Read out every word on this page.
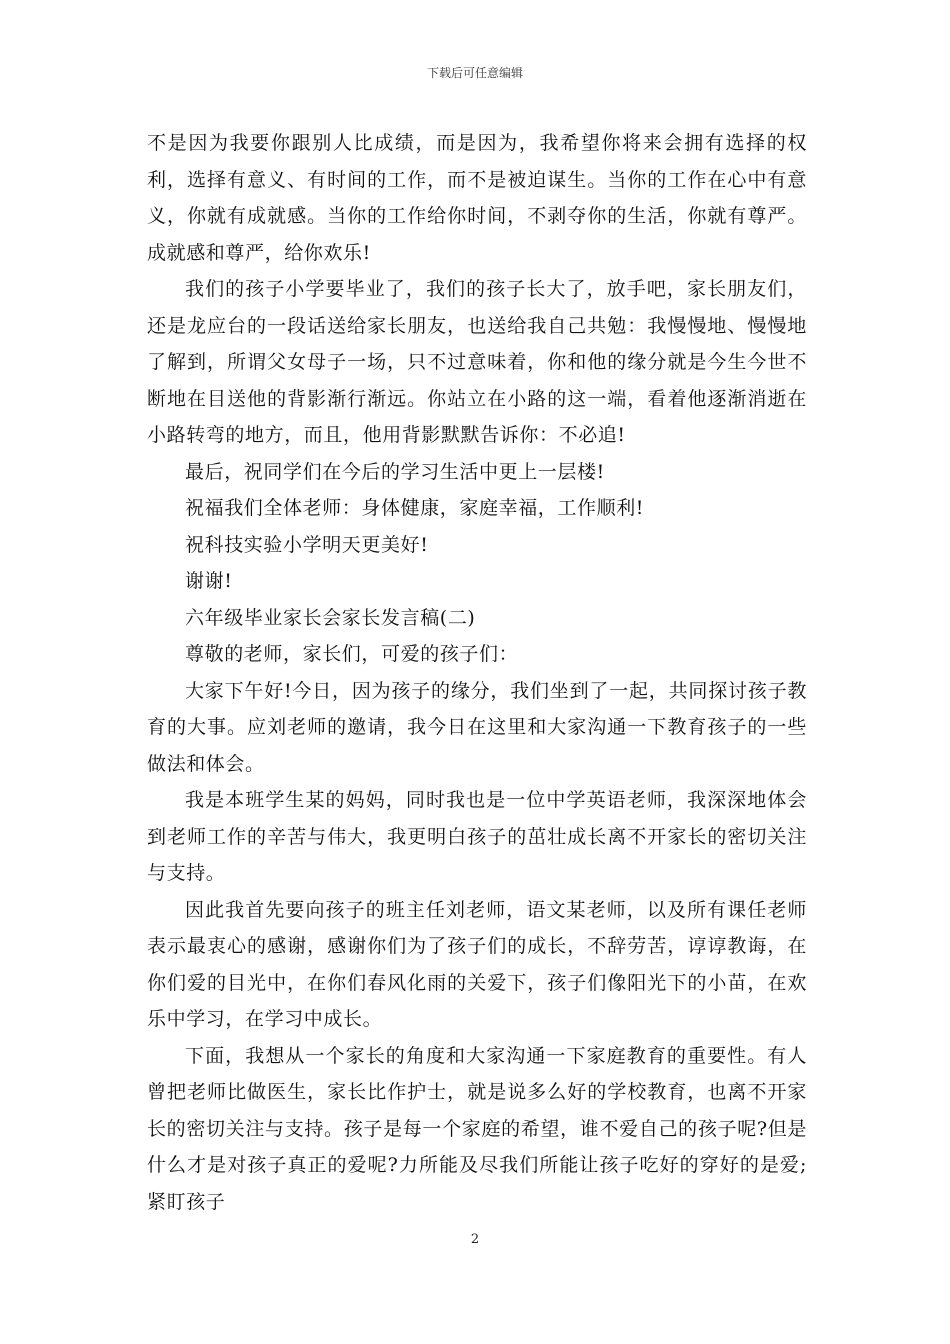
下载后可任意编辑

不是因为我要你跟别人比成绩，而是因为，我希望你将来会拥有选择的权利，选择有意义、有时间的工作，而不是被迫谋生。当你的工作在心中有意义，你就有成就感。当你的工作给你时间，不剥夺你的生活，你就有尊严。成就感和尊严，给你欢乐!

我们的孩子小学要毕业了，我们的孩子长大了，放手吧，家长朋友们，还是龙应台的一段话送给家长朋友，也送给我自己共勉：我慢慢地、慢慢地了解到，所谓父女母子一场，只不过意味着，你和他的缘分就是今生今世不断地在目送他的背影渐行渐远。你站立在小路的这一端，看着他逐渐消逝在小路转弯的地方，而且，他用背影默默告诉你：不必追!

最后，祝同学们在今后的学习生活中更上一层楼!

祝福我们全体老师：身体健康，家庭幸福，工作顺利!

祝科技实验小学明天更美好!

谢谢!

六年级毕业家长会家长发言稿(二)

尊敬的老师，家长们，可爱的孩子们：

大家下午好!今日，因为孩子的缘分，我们坐到了一起，共同探讨孩子教育的大事。应刘老师的邀请，我今日在这里和大家沟通一下教育孩子的一些做法和体会。

我是本班学生某的妈妈，同时我也是一位中学英语老师，我深深地体会到老师工作的辛苦与伟大，我更明白孩子的茁壮成长离不开家长的密切关注与支持。

因此我首先要向孩子的班主任刘老师，语文某老师，以及所有课任老师表示最衷心的感谢，感谢你们为了孩子们的成长，不辞劳苦，谆谆教诲，在你们爱的目光中，在你们春风化雨的关爱下，孩子们像阳光下的小苗，在欢乐中学习，在学习中成长。

下面，我想从一个家长的角度和大家沟通一下家庭教育的重要性。有人曾把老师比做医生，家长比作护士，就是说多么好的学校教育，也离不开家长的密切关注与支持。孩子是每一个家庭的希望，谁不爱自己的孩子呢?但是什么才是对孩子真正的爱呢?力所能及尽我们所能让孩子吃好的穿好的是爱;紧盯孩子

2
